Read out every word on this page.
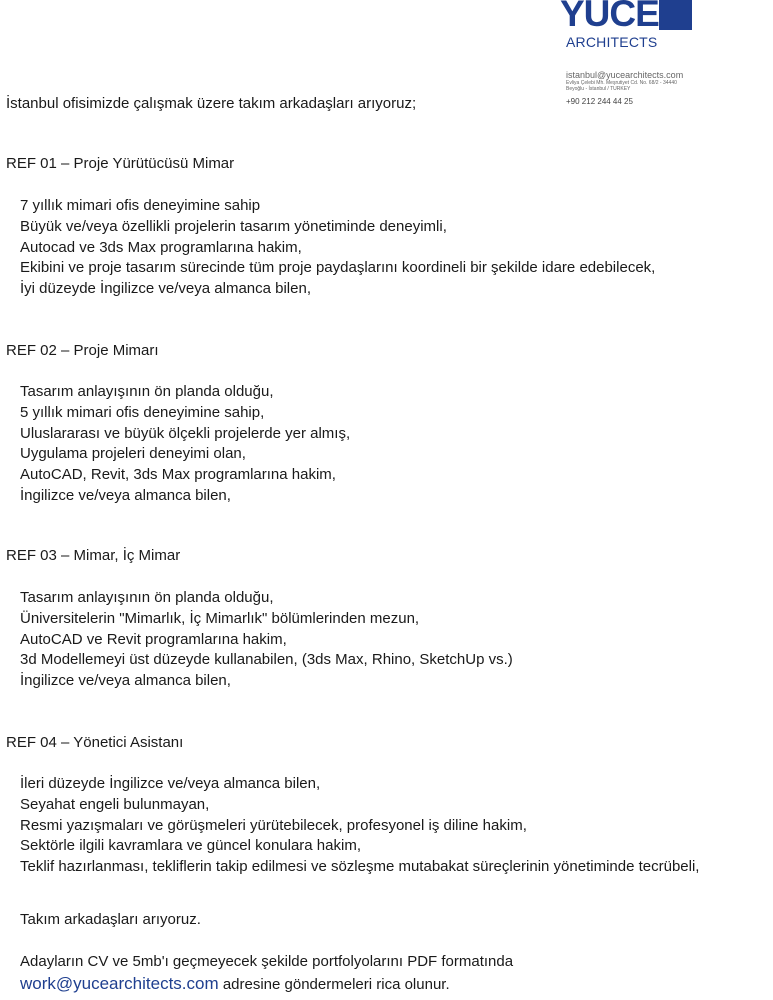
YUCE
ARCHITECTS
istanbul@yucearchitects.com
Evliya Çelebi Mh. Meşrutiyet Cd. No. 68/2 - 34440
Beyoğlu - İstanbul / TURKEY
+90 212 244 44 25
İstanbul ofisimizde çalışmak üzere takım arkadaşları arıyoruz;
REF 01 – Proje Yürütücüsü Mimar
7 yıllık mimari ofis deneyimine sahip
Büyük ve/veya özellikli projelerin tasarım yönetiminde deneyimli,
Autocad ve 3ds Max programlarına hakim,
Ekibini ve proje tasarım sürecinde tüm proje paydaşlarını koordineli bir şekilde idare edebilecek,
İyi düzeyde İngilizce ve/veya almanca bilen,
REF 02 – Proje Mimarı
Tasarım anlayışının ön planda olduğu,
5 yıllık mimari ofis deneyimine sahip,
Uluslararası ve büyük ölçekli projelerde yer almış,
Uygulama projeleri deneyimi olan,
AutoCAD, Revit, 3ds Max programlarına hakim,
İngilizce ve/veya almanca bilen,
REF 03 – Mimar, İç Mimar
Tasarım anlayışının ön planda olduğu,
Üniversitelerin "Mimarlık, İç Mimarlık" bölümlerinden mezun,
AutoCAD ve Revit programlarına hakim,
3d Modellemeyi üst düzeyde kullanabilen, (3ds Max, Rhino, SketchUp vs.)
İngilizce ve/veya almanca bilen,
REF 04 – Yönetici Asistanı
İleri düzeyde İngilizce ve/veya almanca bilen,
Seyahat engeli bulunmayan,
Resmi yazışmaları ve görüşmeleri yürütebilecek, profesyonel iş diline hakim,
Sektörle ilgili kavramlara ve güncel konulara hakim,
Teklif hazırlanması, tekliflerin takip edilmesi ve sözleşme mutabakat süreçlerinin yönetiminde tecrübeli,
Takım arkadaşları arıyoruz.
Adayların CV ve 5mb'ı geçmeyecek şekilde portfolyolarını PDF formatında
work@yucearchitects.com adresine göndermeleri rica olunur.
